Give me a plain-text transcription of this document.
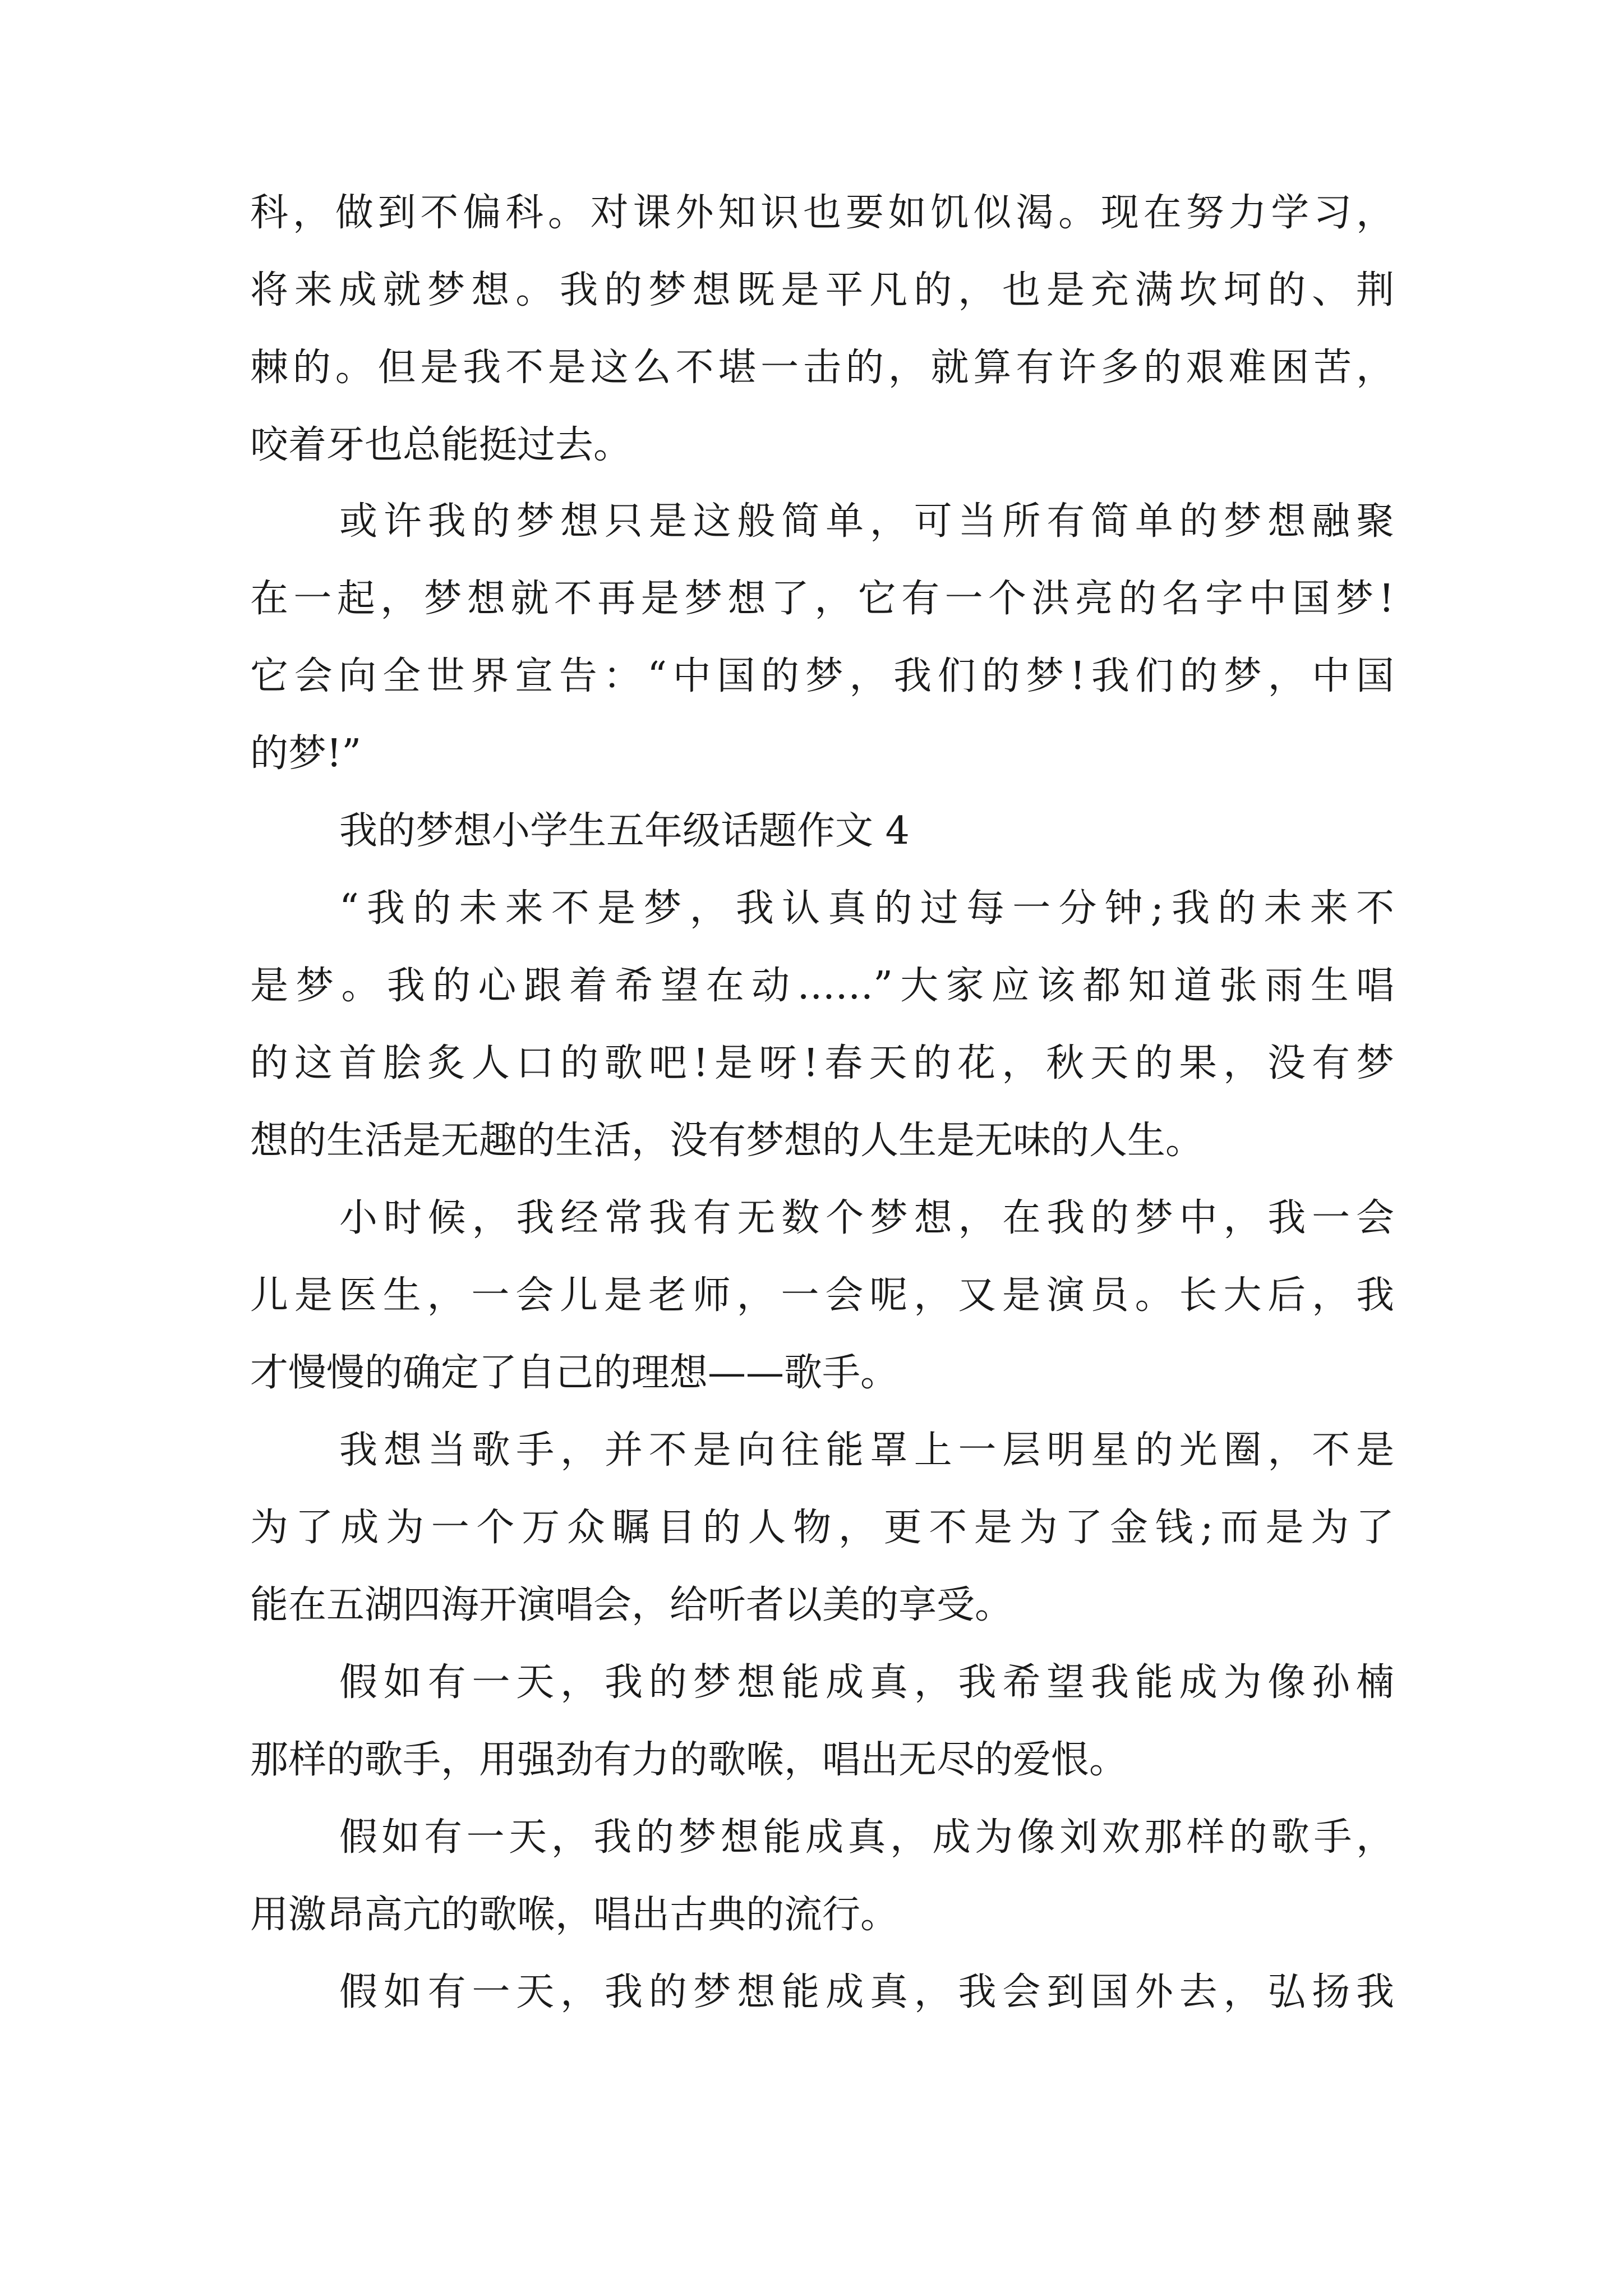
科，做到不偏科。对课外知识也要如饥似渴。现在努力学习，
将来成就梦想。我的梦想既是平凡的，也是充满坎坷的、荆
棘的。但是我不是这么不堪一击的，就算有许多的艰难困苦，
咬着牙也总能挺过去。
或许我的梦想只是这般简单，可当所有简单的梦想融聚
在一起，梦想就不再是梦想了，它有一个洪亮的名字中国梦!
它会向全世界宣告：“中国的梦，我们的梦!我们的梦，中国
的梦!”
我的梦想小学生五年级话题作文 4
“我的未来不是梦，我认真的过每一分钟;我的未来不
是梦。我的心跟着希望在动……”大家应该都知道张雨生唱
的这首脍炙人口的歌吧!是呀!春天的花，秋天的果，没有梦
想的生活是无趣的生活，没有梦想的人生是无味的人生。
小时候，我经常我有无数个梦想，在我的梦中，我一会
儿是医生，一会儿是老师，一会呢，又是演员。长大后，我
才慢慢的确定了自己的理想——歌手。
我想当歌手，并不是向往能罩上一层明星的光圈，不是
为了成为一个万众瞩目的人物，更不是为了金钱;而是为了
能在五湖四海开演唱会，给听者以美的享受。
假如有一天，我的梦想能成真，我希望我能成为像孙楠
那样的歌手，用强劲有力的歌喉，唱出无尽的爱恨。
假如有一天，我的梦想能成真，成为像刘欢那样的歌手，
用激昂高亢的歌喉，唱出古典的流行。
假如有一天，我的梦想能成真，我会到国外去，弘扬我
